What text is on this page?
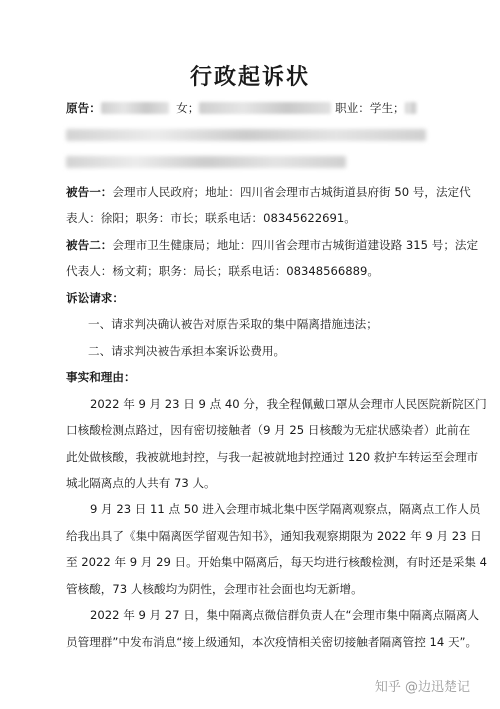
行政起诉状
原告：	女；	职业：学生；
被告一：会理市人民政府；地址：四川省会理市古城街道县府街 50 号，法定代
表人：徐阳；职务：市长；联系电话：08345622691。
被告二：会理市卫生健康局；地址：四川省会理市古城街道建设路 315 号；法定
代表人：杨文莉；职务：局长；联系电话：08348566889。
诉讼请求：
一、请求判决确认被告对原告采取的集中隔离措施违法；
二、请求判决被告承担本案诉讼费用。
事实和理由：
2022 年 9 月 23 日 9 点 40 分，我全程佩戴口罩从会理市人民医院新院区门
口核酸检测点路过，因有密切接触者（9 月 25 日核酸为无症状感染者）此前在
此处做核酸，我被就地封控，与我一起被就地封控通过 120 救护车转运至会理市
城北隔离点的人共有 73 人。
9 月 23 日 11 点 50 进入会理市城北集中医学隔离观察点，隔离点工作人员
给我出具了《集中隔离医学留观告知书》，通知我观察期限为 2022 年 9 月 23 日
至 2022 年 9 月 29 日。开始集中隔离后，每天均进行核酸检测，有时还是采集 4
管核酸，73 人核酸均为阴性，会理市社会面也均无新增。
2022 年 9 月 27 日，集中隔离点微信群负责人在“会理市集中隔离点隔离人
员管理群”中发布消息“接上级通知，本次疫情相关密切接触者隔离管控 14 天”。
知乎 @边迅楚记
